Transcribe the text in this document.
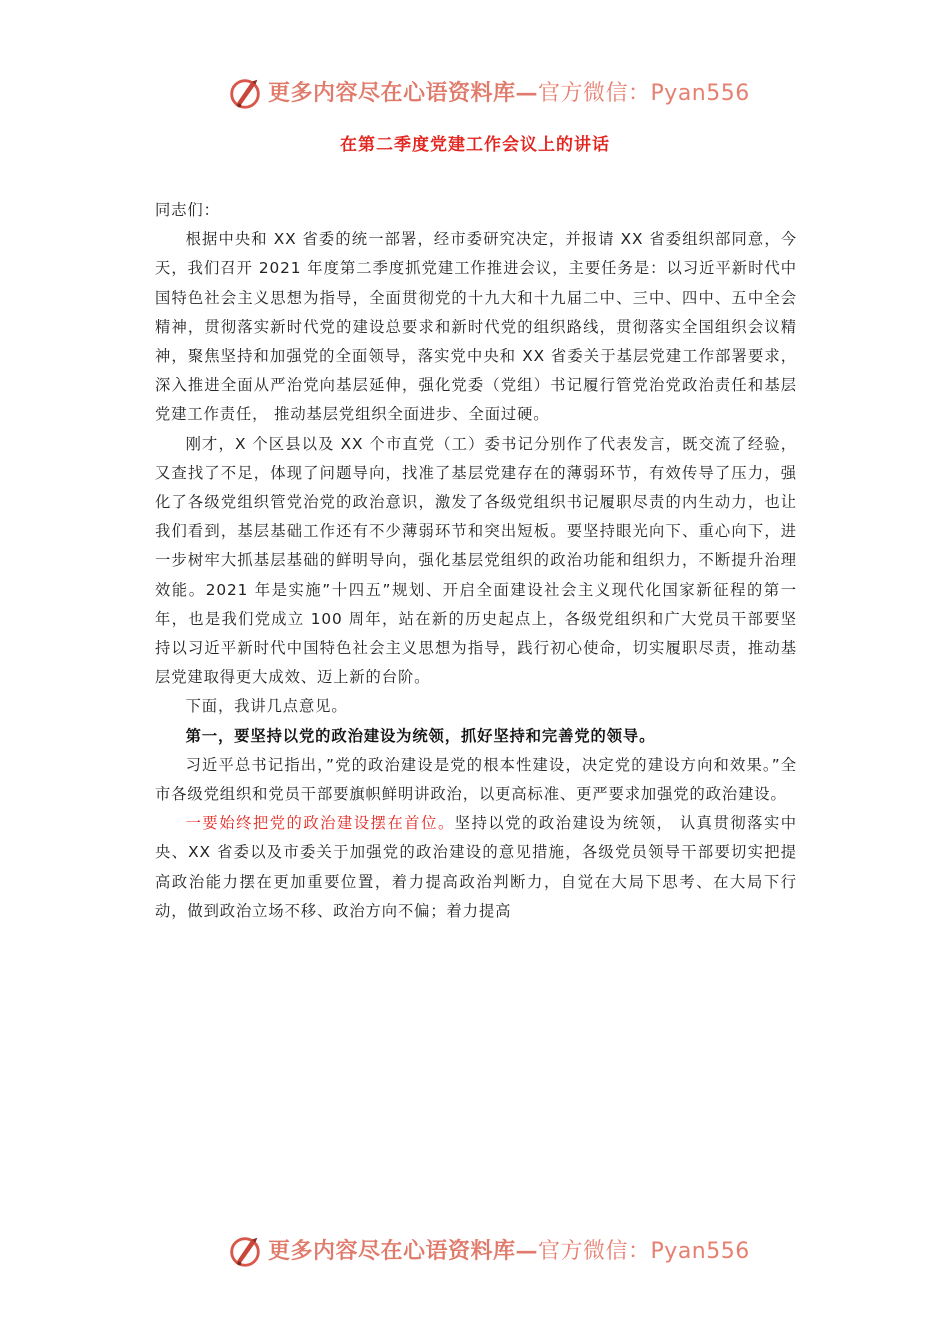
更多内容尽在心语资料库—官方微信：Pyan556
在第二季度党建工作会议上的讲话

同志们：

根据中央和 XX 省委的统一部署，经市委研究决定，并报请 XX 省委组织部同意，今天，我们召开 2021 年度第二季度抓党建工作推进会议，主要任务是：以习近平新时代中国特色社会主义思想为指导，全面贯彻党的十九大和十九届二中、三中、四中、五中全会精神，贯彻落实新时代党的建设总要求和新时代党的组织路线，贯彻落实全国组织会议精神，聚焦坚持和加强党的全面领导，落实党中央和 XX 省委关于基层党建工作部署要求，深入推进全面从严治党向基层延伸，强化党委（党组）书记履行管党治党政治责任和基层党建工作责任， 推动基层党组织全面进步、全面过硬。

刚才，X 个区县以及 XX 个市直党（工）委书记分别作了代表发言，既交流了经验，又查找了不足，体现了问题导向，找准了基层党建存在的薄弱环节，有效传导了压力，强化了各级党组织管党治党的政治意识，激发了各级党组织书记履职尽责的内生动力，也让我们看到，基层基础工作还有不少薄弱环节和突出短板。要坚持眼光向下、重心向下，进一步树牢大抓基层基础的鲜明导向，强化基层党组织的政治功能和组织力，不断提升治理效能。2021 年是实施”十四五”规划、开启全面建设社会主义现代化国家新征程的第一年，也是我们党成立 100 周年，站在新的历史起点上，各级党组织和广大党员干部要坚持以习近平新时代中国特色社会主义思想为指导，践行初心使命，切实履职尽责，推动基层党建取得更大成效、迈上新的台阶。

下面，我讲几点意见。

第一，要坚持以党的政治建设为统领，抓好坚持和完善党的领导。

习近平总书记指出，”党的政治建设是党的根本性建设，决定党的建设方向和效果。”全市各级党组织和党员干部要旗帜鲜明讲政治，以更高标准、更严要求加强党的政治建设。

一要始终把党的政治建设摆在首位。坚持以党的政治建设为统领， 认真贯彻落实中央、XX 省委以及市委关于加强党的政治建设的意见措施，各级党员领导干部要切实把提高政治能力摆在更加重要位置，着力提高政治判断力，自觉在大局下思考、在大局下行动，做到政治立场不移、政治方向不偏；着力提高

更多内容尽在心语资料库—官方微信：Pyan556
